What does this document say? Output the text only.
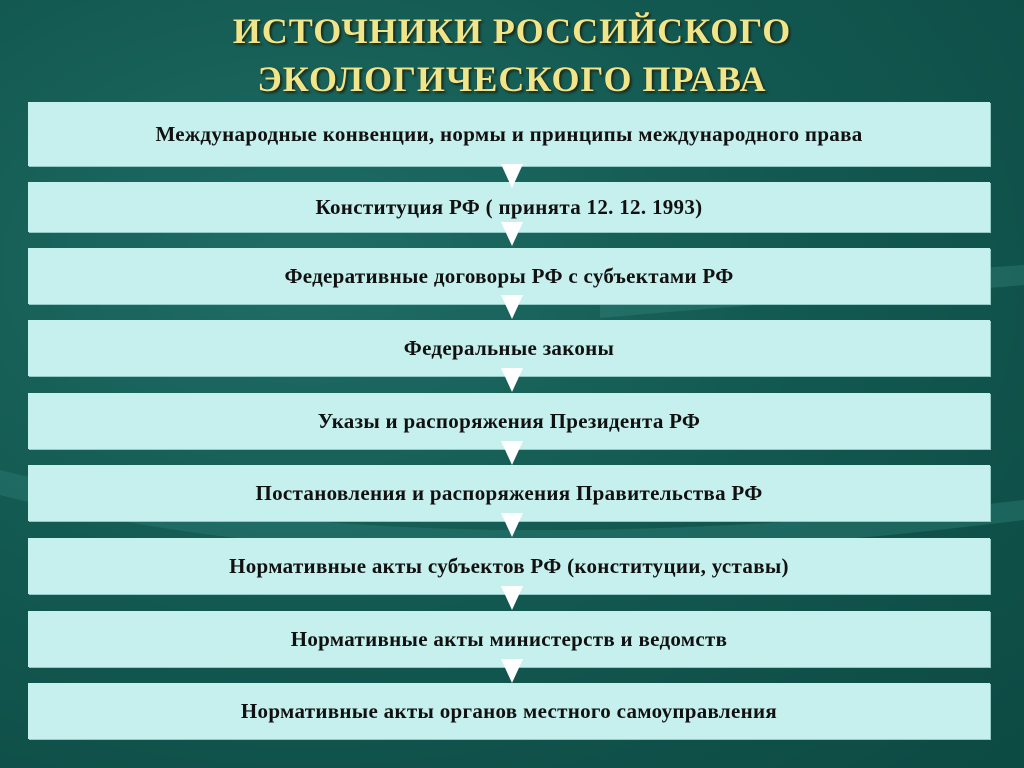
ИСТОЧНИКИ РОССИЙСКОГО
ЭКОЛОГИЧЕСКОГО ПРАВА
Международные конвенции, нормы и принципы международного права
Конституция РФ ( принята 12. 12. 1993)
Федеративные договоры РФ с субъектами РФ
Федеральные законы
Указы и распоряжения Президента РФ
Постановления и распоряжения Правительства РФ
Нормативные акты субъектов РФ (конституции, уставы)
Нормативные акты министерств и ведомств
Нормативные акты органов местного самоуправления
